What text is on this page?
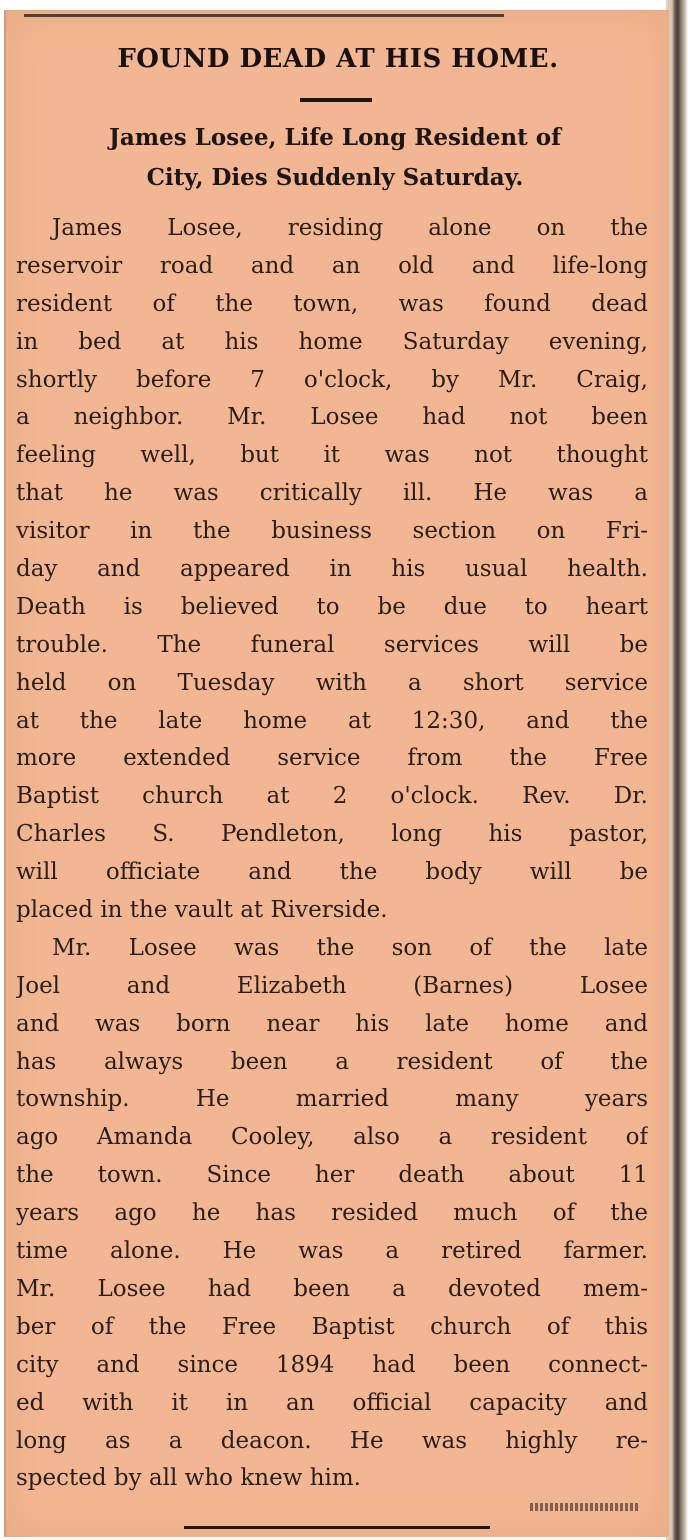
FOUND DEAD AT HIS HOME.
James Losee, Life Long Resident of
City, Dies Suddenly Saturday.
James Losee, residing alone on the
reservoir road and an old and life-long
resident of the town, was found dead
in bed at his home Saturday evening,
shortly before 7 o'clock, by Mr. Craig,
a neighbor. Mr. Losee had not been
feeling well, but it was not thought
that he was critically ill. He was a
visitor in the business section on Fri-
day and appeared in his usual health.
Death is believed to be due to heart
trouble. The funeral services will be
held on Tuesday with a short service
at the late home at 12:30, and the
more extended service from the Free
Baptist church at 2 o'clock. Rev. Dr.
Charles S. Pendleton, long his pastor,
will officiate and the body will be
placed in the vault at Riverside.
Mr. Losee was the son of the late
Joel and Elizabeth (Barnes) Losee
and was born near his late home and
has always been a resident of the
township. He married many years
ago Amanda Cooley, also a resident of
the town. Since her death about 11
years ago he has resided much of the
time alone. He was a retired farmer.
Mr. Losee had been a devoted mem-
ber of the Free Baptist church of this
city and since 1894 had been connect-
ed with it in an official capacity and
long as a deacon. He was highly re-
spected by all who knew him.
